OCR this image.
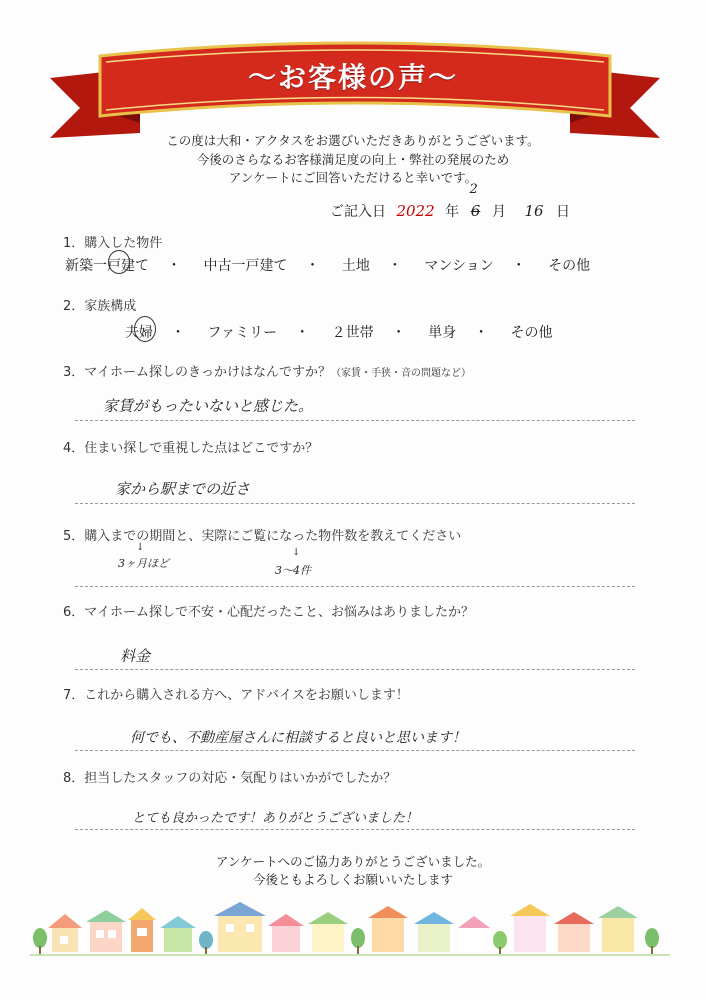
～お客様の声～
この度は大和・アクタスをお選びいただきありがとうございます。
今後のさらなるお客様満足度の向上・弊社の発展のため
アンケートにご回答いただけると幸いです。
ご記入日 2022 年
2
6 月 16 日
1．購入した物件
新築一戸建て ・ 中古一戸建て ・ 土地 ・ マンション ・ その他
2．家族構成
夫婦 ・ ファミリー ・ ２世帯 ・ 単身 ・ その他
3．マイホーム探しのきっかけはなんですか？（家賃・手狭・音の問題など）
家賃がもったいないと感じた。
4．住まい探しで重視した点はどこですか？
家から駅までの近さ
5．購入までの期間と、実際にご覧になった物件数を教えてください
↓
3ヶ月ほど
↓
3～4件
6．マイホーム探しで不安・心配だったこと、お悩みはありましたか？
料金
7．これから購入される方へ、アドバイスをお願いします！
何でも、不動産屋さんに相談すると良いと思います！
8．担当したスタッフの対応・気配りはいかがでしたか？
とても良かったです！ありがとうございました！
アンケートへのご協力ありがとうございました。
今後ともよろしくお願いいたします
